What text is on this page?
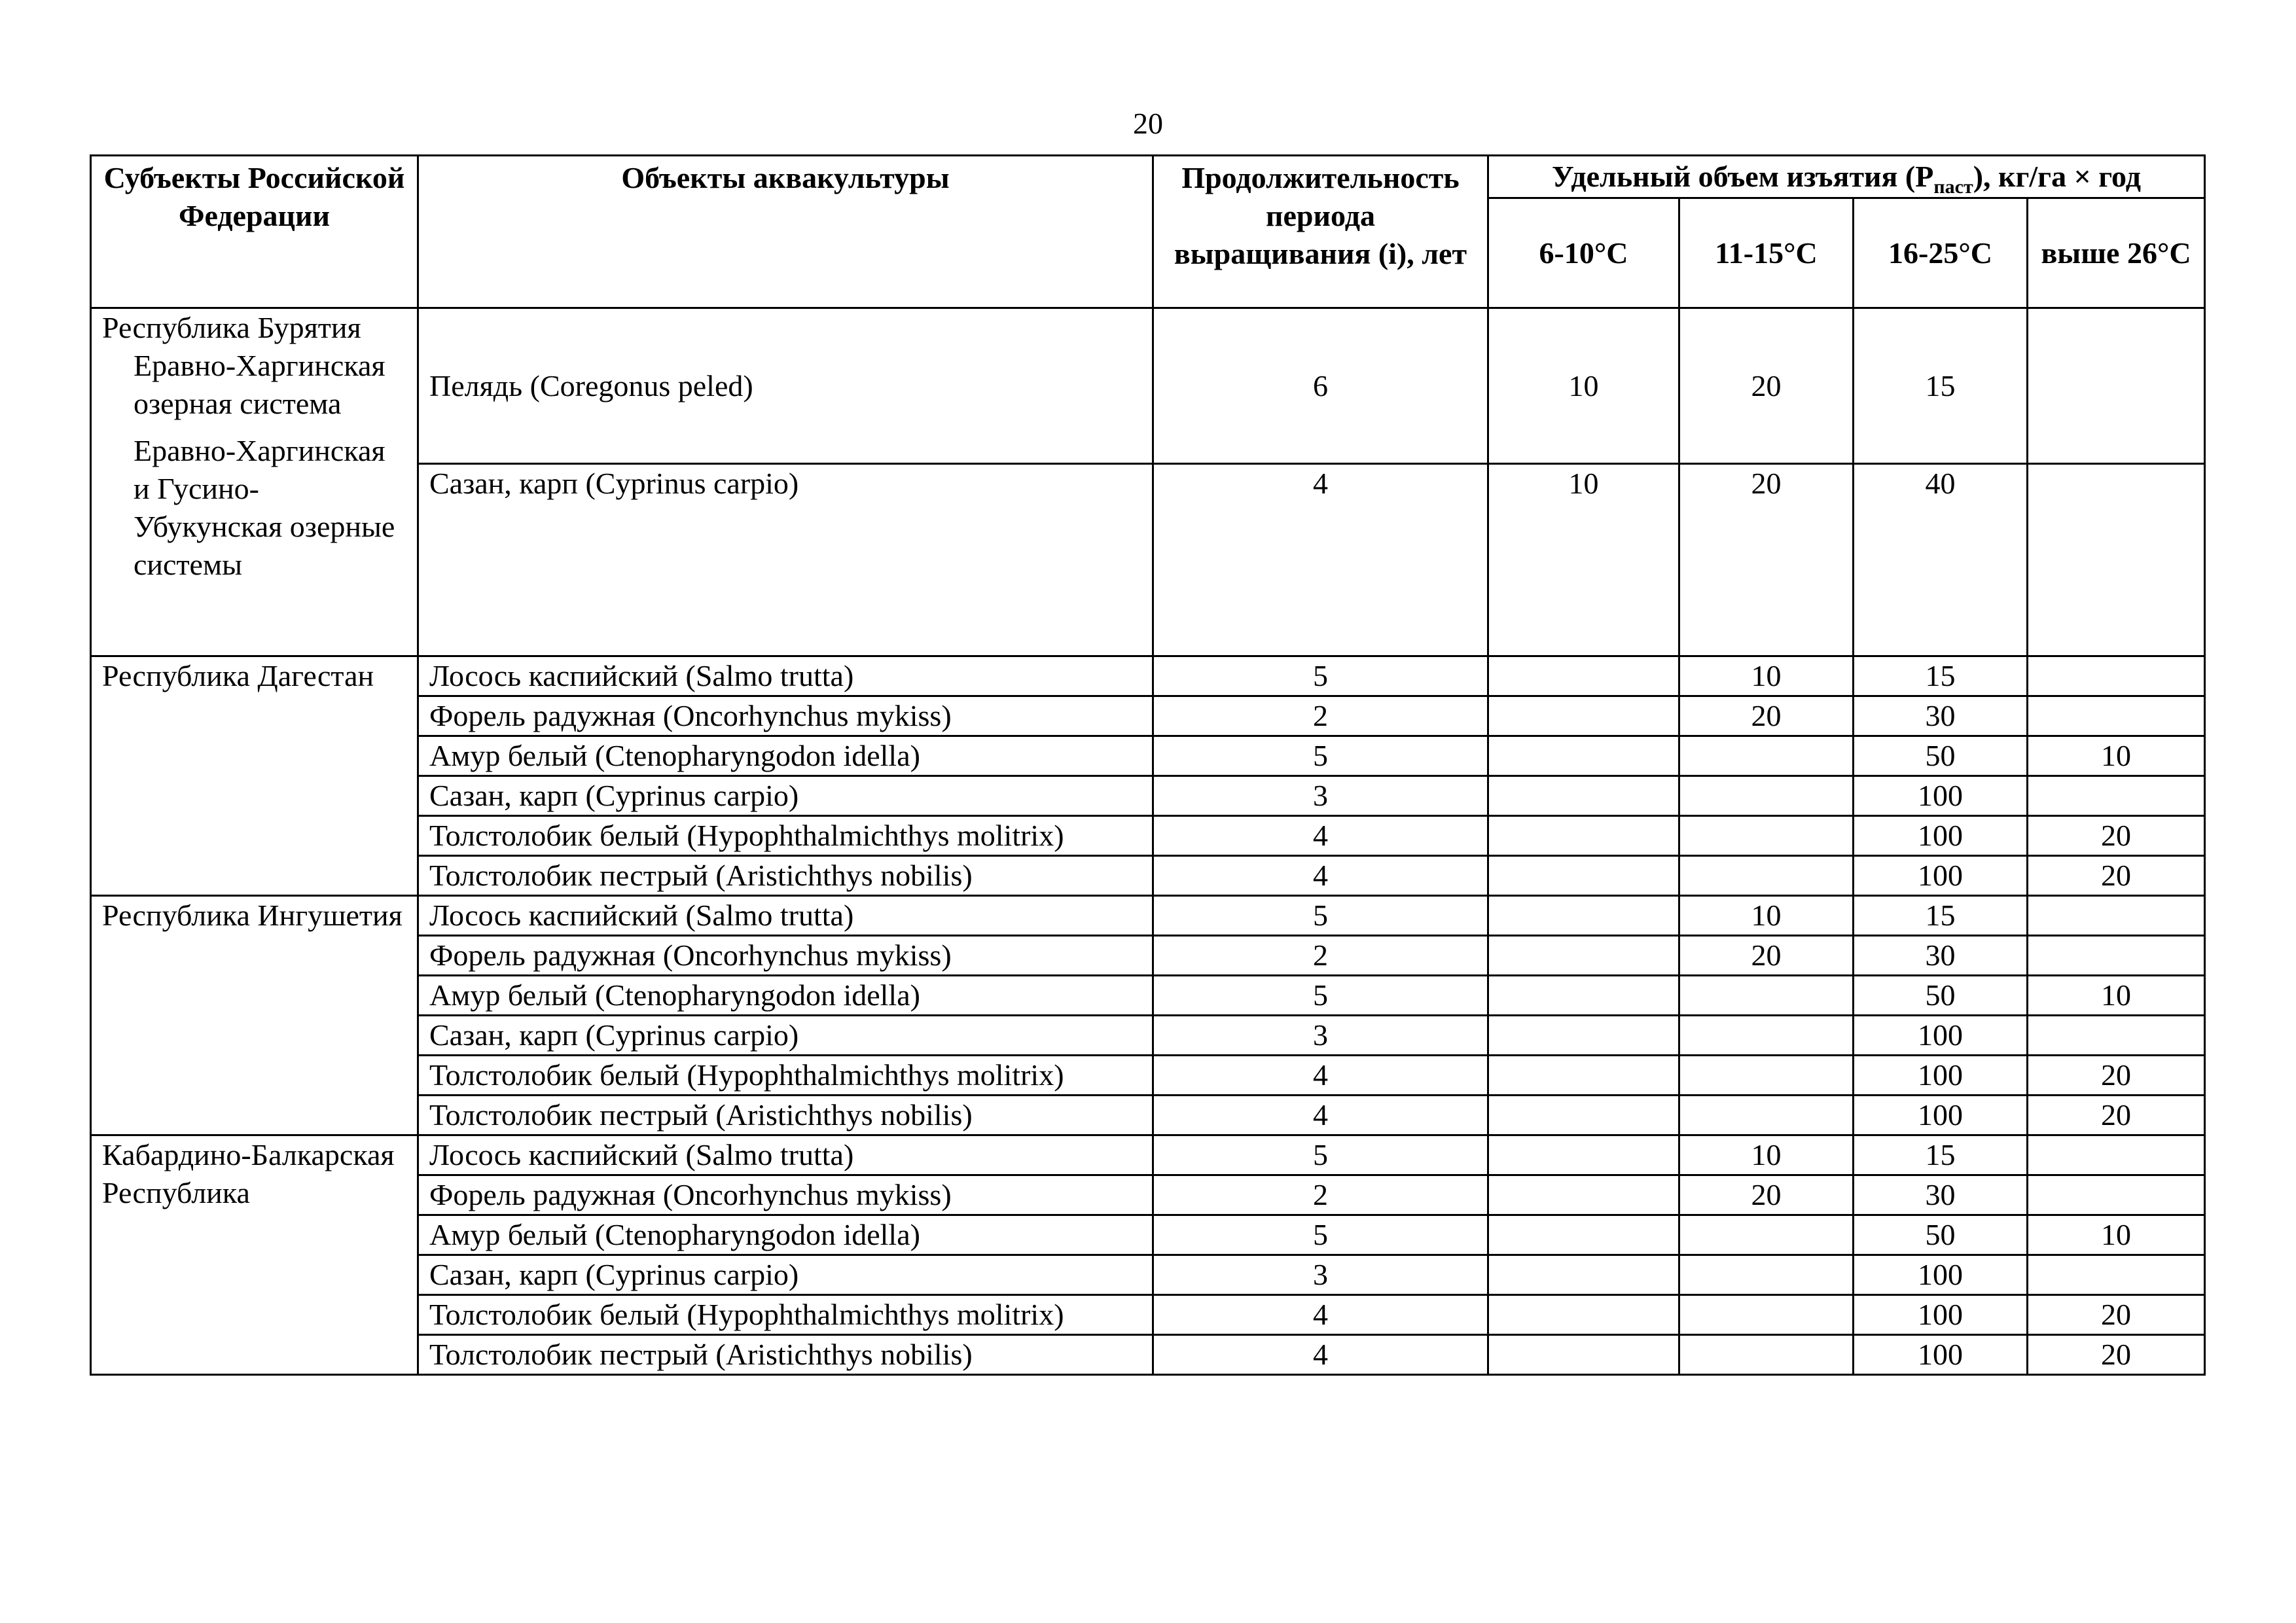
20
Субъекты Российской Федерации	Объекты аквакультуры	Продолжительность периода выращивания (i), лет	Удельный объем изъятия $(P_{паст})$, кг/га × год			
			6-10°С	11-15°С	16-25°С	выше 26°С

Республика Бурятия
Еравно-Харгинская озерная система
Еравно-Харгинская и Гусино-Убукунская озерные системы	Пелядь (Coregonus peled)	6	10	20	15	
	Сазан, карп (Cyprinus carpio)	4	10	20	40	
Республика Дагестан	Лосось каспийский (Salmo trutta)	5		10	15	
	Форель радужная (Oncorhynchus mykiss)	2		20	30	
	Амур белый (Ctenopharyngodon idella)	5			50	10
	Сазан, карп (Cyprinus carpio)	3			100	
	Толстолобик белый (Hypophthalmichthys molitrix)	4			100	20
	Толстолобик пестрый (Aristichthys nobilis)	4			100	20
Республика Ингушетия	Лосось каспийский (Salmo trutta)	5		10	15	
	Форель радужная (Oncorhynchus mykiss)	2		20	30	
	Амур белый (Ctenopharyngodon idella)	5			50	10
	Сазан, карп (Cyprinus carpio)	3			100	
	Толстолобик белый (Hypophthalmichthys molitrix)	4			100	20
	Толстолобик пестрый (Aristichthys nobilis)	4			100	20
Кабардино-Балкарская Республика	Лосось каспийский (Salmo trutta)	5		10	15	
	Форель радужная (Oncorhynchus mykiss)	2		20	30	
	Амур белый (Ctenopharyngodon idella)	5			50	10
	Сазан, карп (Cyprinus carpio)	3			100	
	Толстолобик белый (Hypophthalmichthys molitrix)	4			100	20
	Толстолобик пестрый (Aristichthys nobilis)	4			100	20
